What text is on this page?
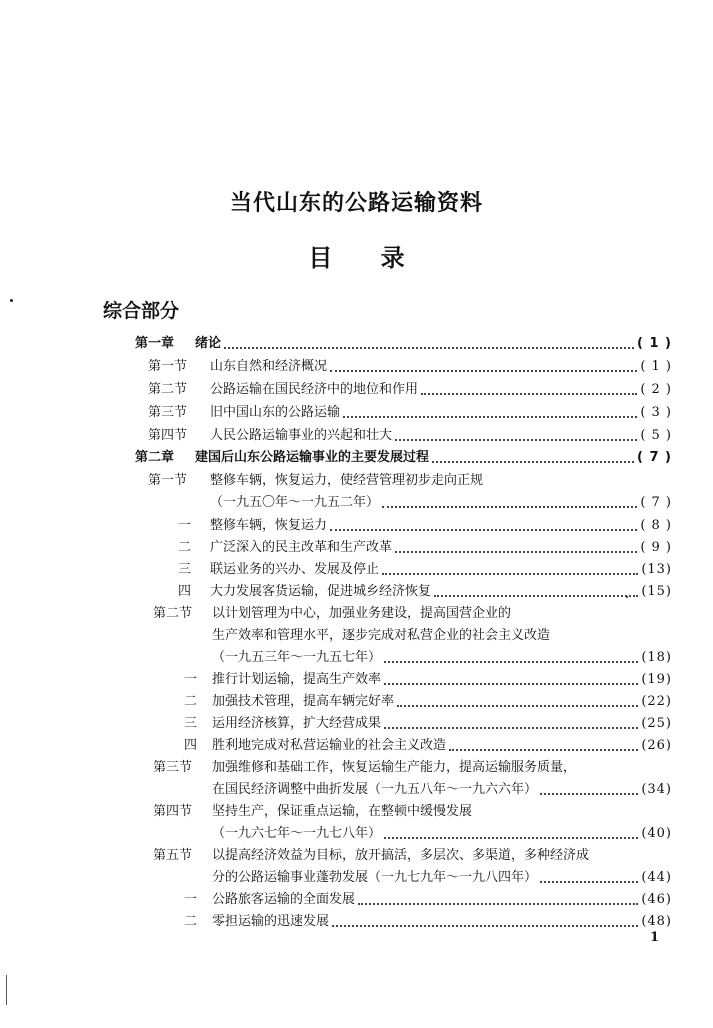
当代山东的公路运输资料
目 录
综合部分
第一章 绪论	( 1 )
第一节 山东自然和经济概况	( 1 )
第二节 公路运输在国民经济中的地位和作用	( 2 )
第三节 旧中国山东的公路运输	( 3 )
第四节 人民公路运输事业的兴起和壮大	( 5 )
第二章 建国后山东公路运输事业的主要发展过程	( 7 )
第一节 整修车辆，恢复运力，使经营管理初步走向正规
（一九五〇年～一九五二年）	( 7 )
一 整修车辆，恢复运力	( 8 )
二 广泛深入的民主改革和生产改革	( 9 )
三 联运业务的兴办、发展及停止	(13)
四 大力发展客货运输，促进城乡经济恢复	(15)
第二节 以计划管理为中心，加强业务建设，提高国营企业的
生产效率和管理水平，逐步完成对私营企业的社会主义改造
（一九五三年～一九五七年）	(18)
一 推行计划运输，提高生产效率	(19)
二 加强技术管理，提高车辆完好率	(22)
三 运用经济核算，扩大经营成果	(25)
四 胜利地完成对私营运输业的社会主义改造	(26)
第三节 加强维修和基础工作，恢复运输生产能力，提高运输服务质量，
在国民经济调整中曲折发展（一九五八年～一九六六年）	(34)
第四节 坚持生产，保证重点运输，在整顿中缓慢发展
（一九六七年～一九七八年）	(40)
第五节 以提高经济效益为目标，放开搞活，多层次、多渠道，多种经济成
分的公路运输事业蓬勃发展（一九七九年～一九八四年）	(44)
一 公路旅客运输的全面发展	(46)
二 零担运输的迅速发展	(48)
1
